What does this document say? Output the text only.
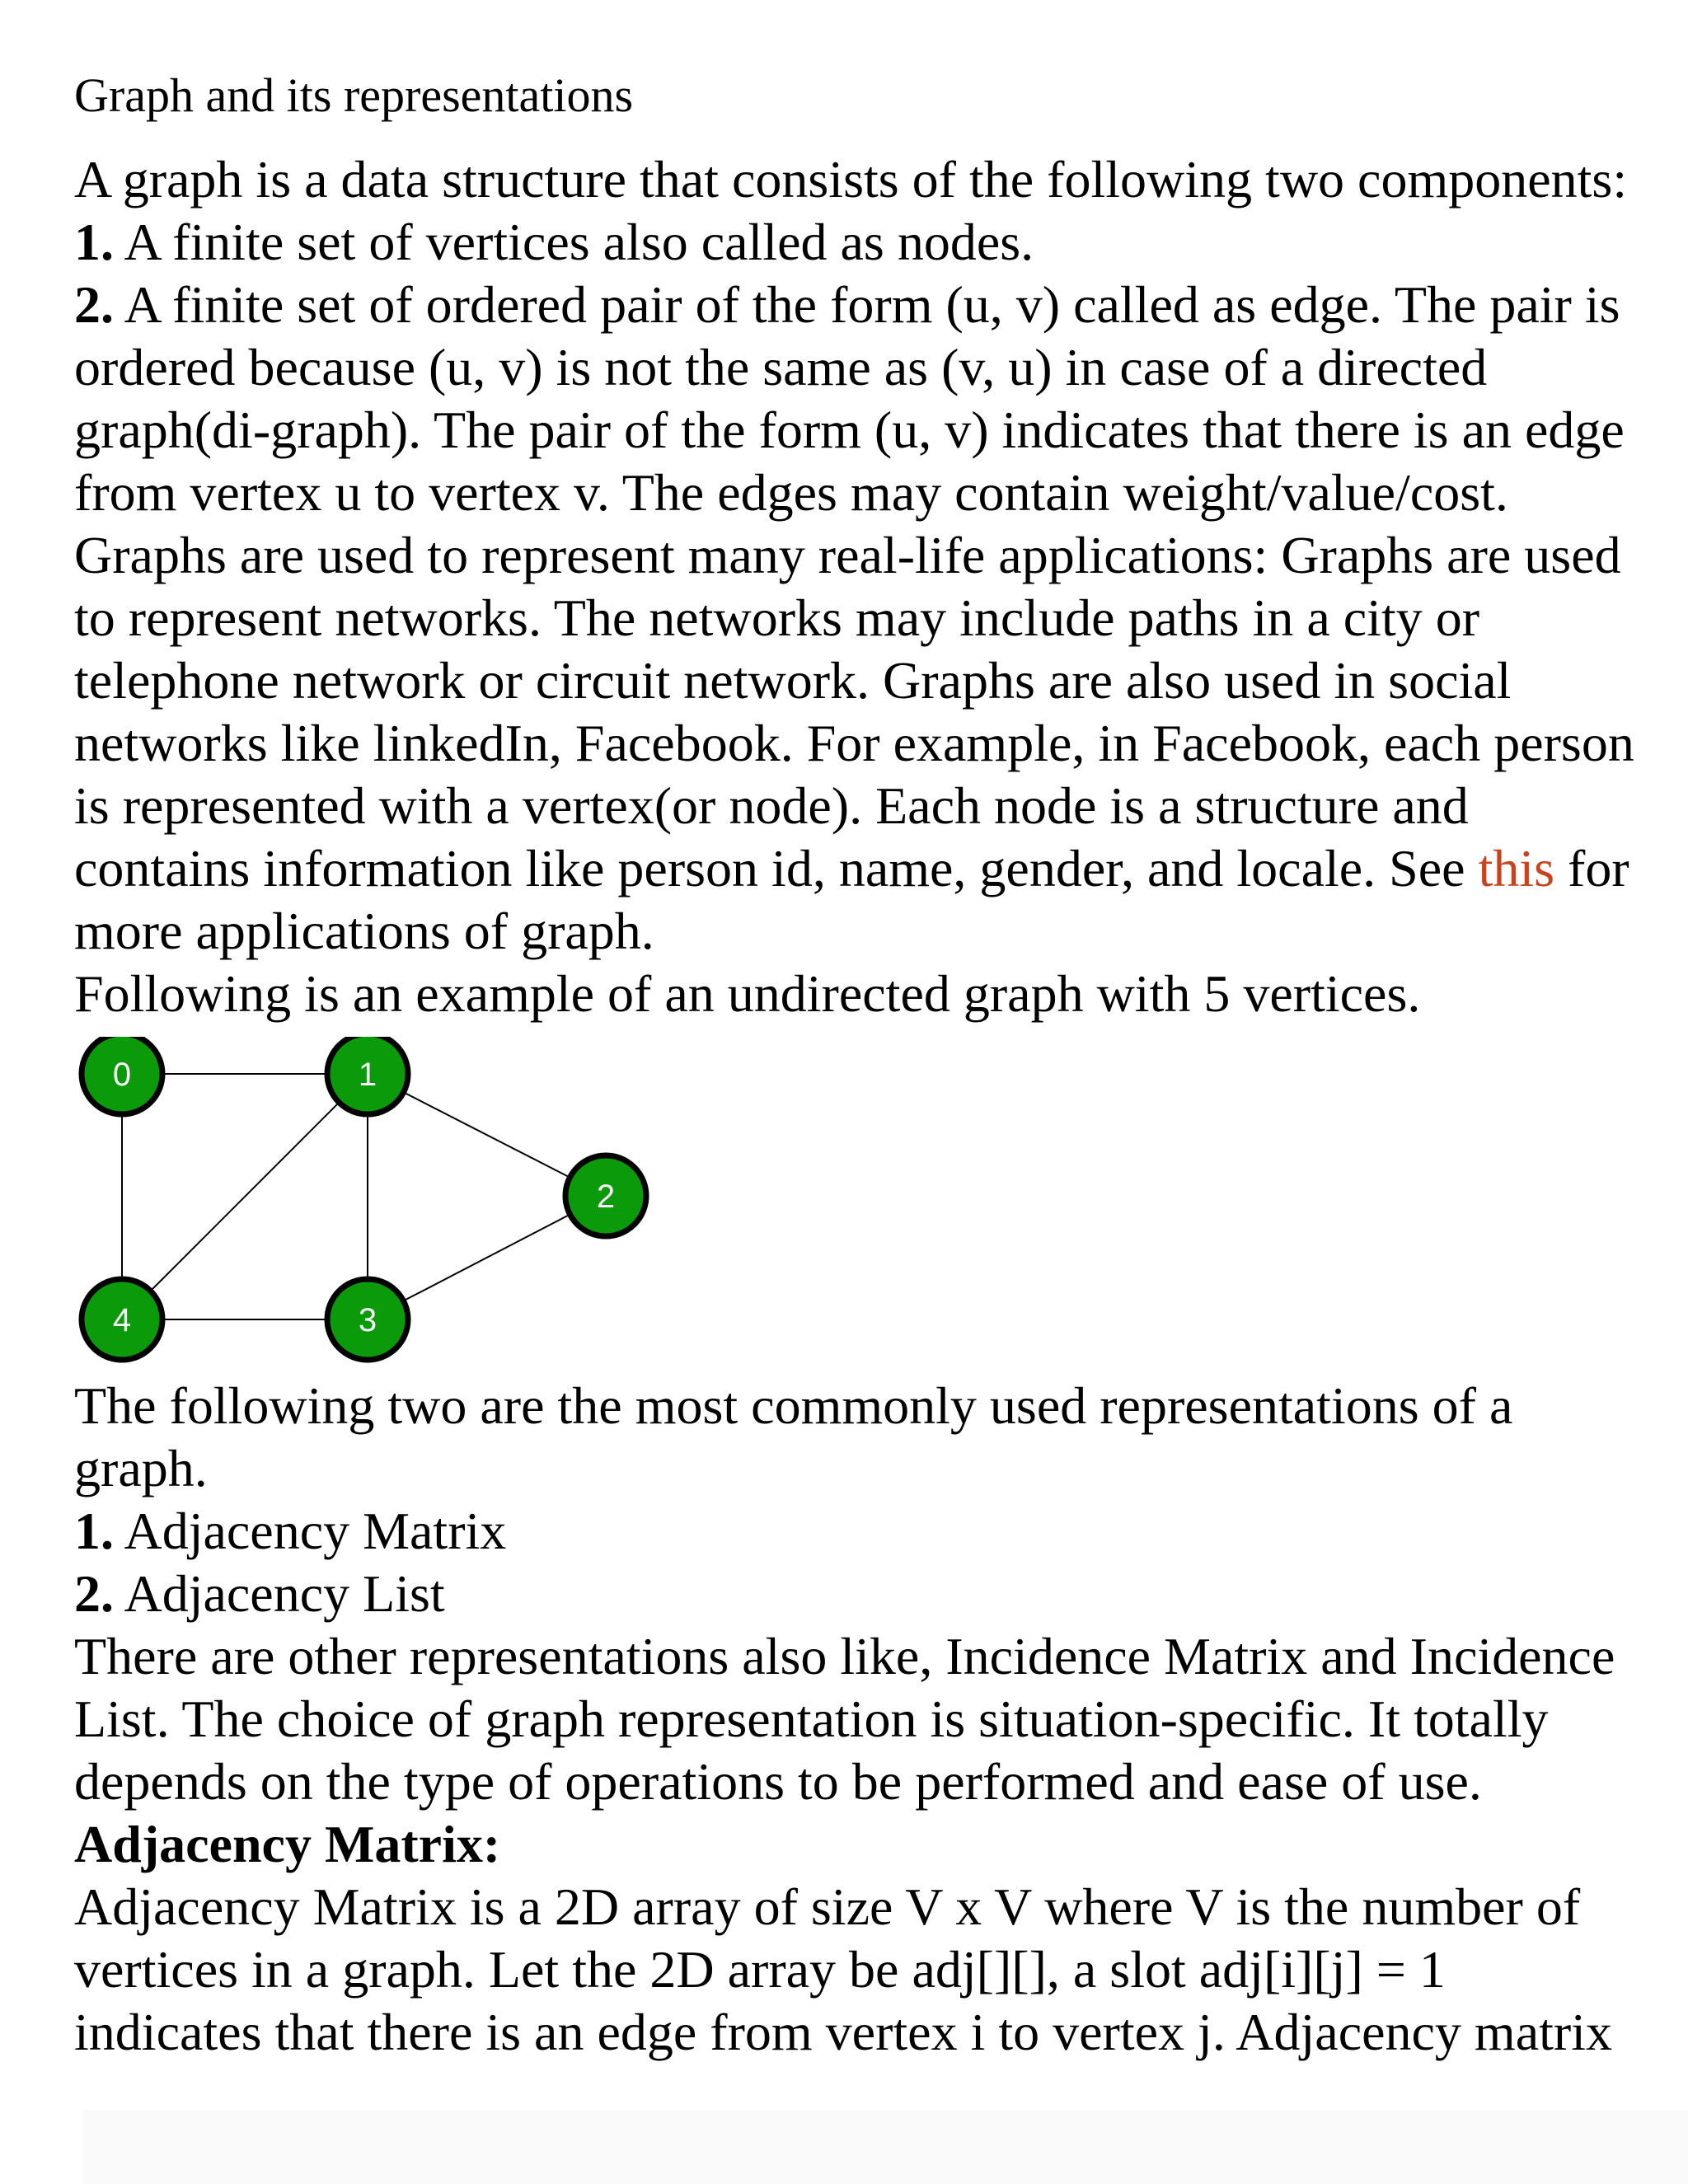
Graph and its representations
A graph is a data structure that consists of the following two components:
1. A finite set of vertices also called as nodes.
2. A finite set of ordered pair of the form (u, v) called as edge. The pair is
ordered because (u, v) is not the same as (v, u) in case of a directed
graph(di-graph). The pair of the form (u, v) indicates that there is an edge
from vertex u to vertex v. The edges may contain weight/value/cost.
Graphs are used to represent many real-life applications: Graphs are used
to represent networks. The networks may include paths in a city or
telephone network or circuit network. Graphs are also used in social
networks like linkedIn, Facebook. For example, in Facebook, each person
is represented with a vertex(or node). Each node is a structure and
contains information like person id, name, gender, and locale. See this for
more applications of graph.
Following is an example of an undirected graph with 5 vertices.
0	1
2
3
4
The following two are the most commonly used representations of a
graph.
1. Adjacency Matrix
2. Adjacency List
There are other representations also like, Incidence Matrix and Incidence
List. The choice of graph representation is situation-specific. It totally
depends on the type of operations to be performed and ease of use.
Adjacency Matrix:
Adjacency Matrix is a 2D array of size V x V where V is the number of
vertices in a graph. Let the 2D array be adj[][], a slot adj[i][j] = 1
indicates that there is an edge from vertex i to vertex j. Adjacency matrix
